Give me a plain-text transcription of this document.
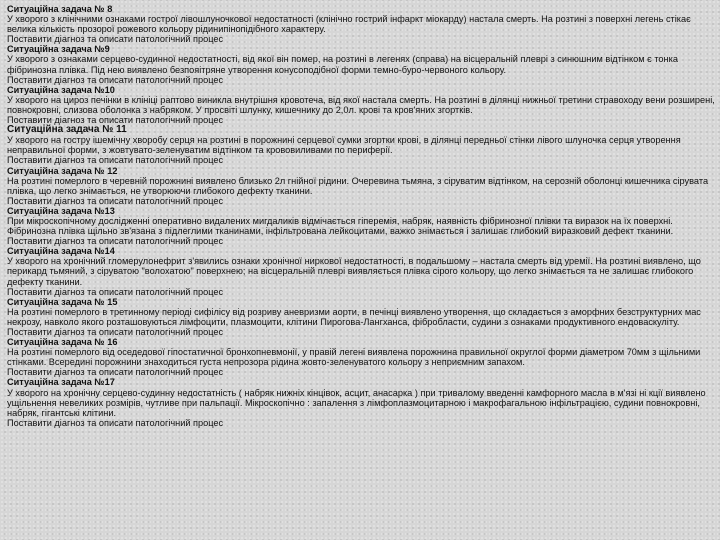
Ситуаційна задача № 8
У хворого з клінічними ознаками гострої лівошлуночкової недостатності (клінічно гострий інфаркт міокарду) настала смерть. На розтині з поверхні легень стікає велика кількість прозорої рожевого кольору рідинипінопідібного характеру.
Поставити діагноз та описати патологічний процес
Ситуаційна задача №9
У хворого з ознаками серцево-судинної недостатності, від якої він помер, на розтині в легенях (справа) на вісцеральній плеврі з синюшним відтінком є тонка фібринозна плівка. Під нею виявлено безпояітряне утворення конусоподібної форми темно-буро-червоного кольору.
Поставити діагноз та описати патологічний процес
Ситуаційна задача №10
У хворого на цироз печінки в клініці раптово виникла внутрішня кровотеча, від якої настала смерть. На розтині в ділянці нижньої третини стравоходу вени розширені, повнокровні, слизова оболонка з набряком. У просвіті шлунку, кишечнику до 2,0л. крові та кров'яних згортків.
Поставити діагноз та описати патологічний процес
Ситуаційна задача № 11
У хворого на гостру ішемічну хворобу серця на розтині в порожнині серцевої сумки згортки крові, в ділянці передньої стінки лівого шлуночка серця утворення неправильної форми, з жовтувато-зеленуватим відтінком та крововиливами по периферії.
Поставити діагноз та описати патологічний процес
Ситуаційна задача № 12
На розтині померлого в черевній порожнині виявлено близько 2л гнійної рідини. Очеревина тьмяна, з сіруватим відтінком, на серозній оболонці кишечника сірувата плівка, що легко знімається, не утворюючи глибокого дефекту тканини.
Поставити діагноз та описати патологічний процес
Ситуаційна задача №13
При мікроскопічному дослідженні оперативно видалених мигдаликів відмічається гіперемія, набряк, наявність фібринозної плівки та виразок на їх поверхні. Фібринозна плівка щільно зв'язана з підлеглими тканинами, інфільтрована лейкоцитами, важко знімається і залишає глибокий виразковий дефект тканини.
Поставити діагноз та описати патологічний процес
Ситуаційна задача №14
У хворого на хронічний гломерулонефрит з'явились ознаки хронічної ниркової недостатності, в подальшому – настала смерть від уремії. На розтині виявлено, що перикард тьмяний, з сіруватою "волохатою" поверхнею; на вісцеральній плеврі виявляється плівка сірого кольору, що легко знімається та не залишає глибокого дефекту тканини.
Поставити діагноз та описати патологічний процес
Ситуаційна задача № 15
На розтині померлого в третинному періоді сифілісу від розриву аневризми аорти, в печінці виявлено утворення, що складається з аморфних безструктурних мас некрозу, навколо якого розташовуються лімфоцити, плазмоцити, клітини Пирогова-Лангханса, фібробласти, судини з ознаками продуктивного ендоваскуліту.
Поставити діагноз та описати патологічний процес
Ситуаційна задача № 16
На розтині померлого від оседедової гіпостатичної бронхопневмонії, у правій легені виявлена порожнина правильної округлої форми діаметром 70мм з щільними стінками. Всередині порожнини знаходиться густа непрозора рідина жовто-зеленуватого кольору з неприємним запахом.
Поставити діагноз та описати патологічний процес
Ситуаційна задача №17
У хворого на хронічну серцево-судинну недостатність ( набряк нижніх кінцівок, асцит, анасарка ) при тривалому введенні камфорного масла в м'язі ні кції виявлено ущільнення невеликих розмірів, чутливе при пальпації. Мікроскопічно : запалення з лімфоплазмоцитарною і макрофагальною інфільтрацією, судини повнокровні, набряк, гігантські клітини.
Поставити діагноз та описати патологічний процес
